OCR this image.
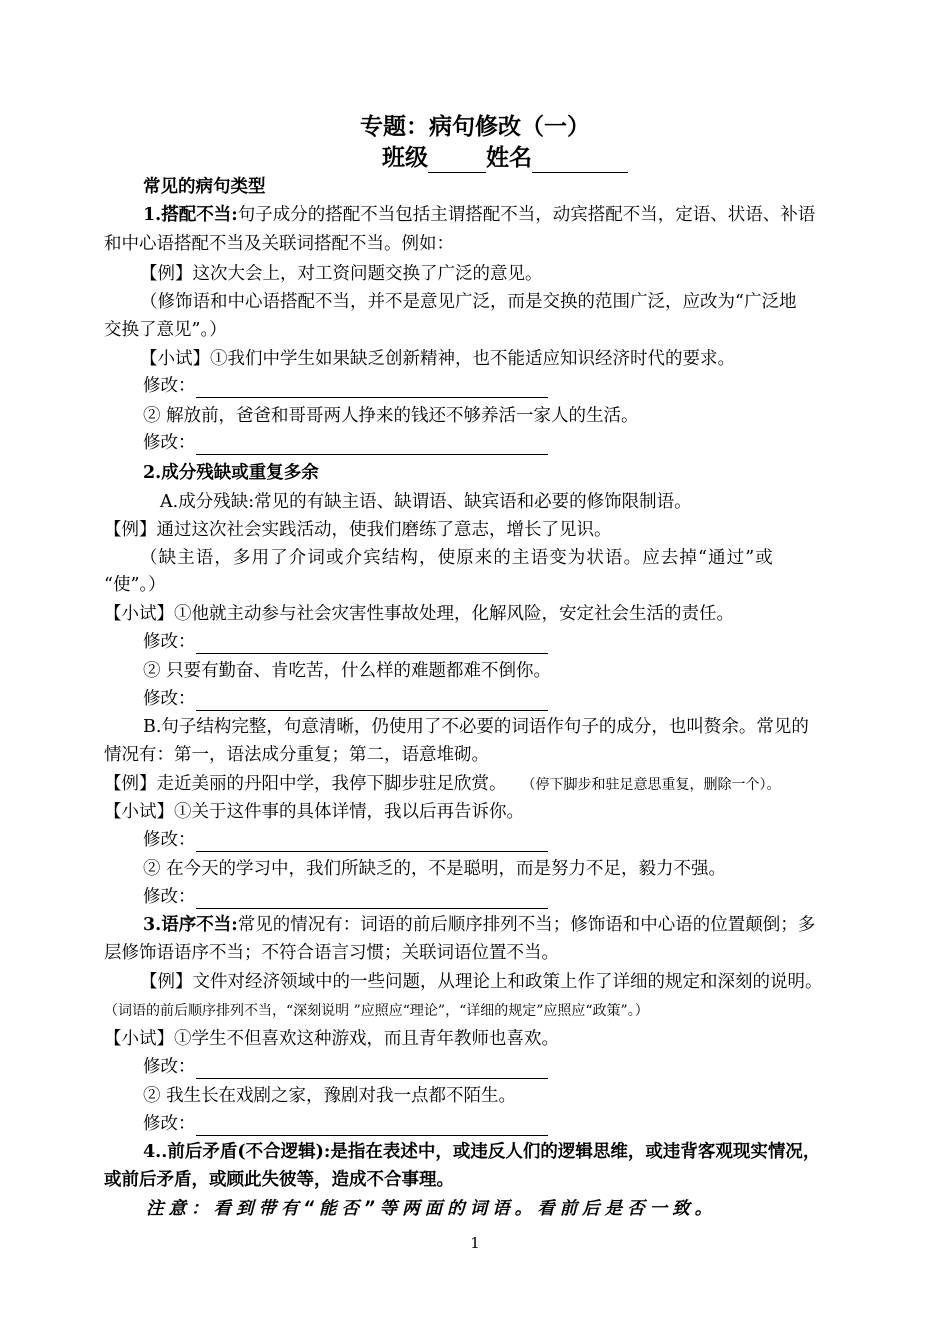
专题：病句修改（一）
班级	姓名
常见的病句类型
1.搭配不当:句子成分的搭配不当包括主谓搭配不当，动宾搭配不当，定语、状语、补语
和中心语搭配不当及关联词搭配不当。例如：
【例】这次大会上，对工资问题交换了广泛的意见。
（修饰语和中心语搭配不当，并不是意见广泛，而是交换的范围广泛，应改为“广泛地
交换了意见”。）
【小试】①我们中学生如果缺乏创新精神，也不能适应知识经济时代的要求。
修改：
② 解放前，爸爸和哥哥两人挣来的钱还不够养活一家人的生活。
修改：
2.成分残缺或重复多余
A.成分残缺:常见的有缺主语、缺谓语、缺宾语和必要的修饰限制语。
【例】通过这次社会实践活动，使我们磨练了意志，增长了见识。
（缺主语，多用了介词或介宾结构，使原来的主语变为状语。应去掉“通过”或
“使”。）
【小试】①他就主动参与社会灾害性事故处理，化解风险，安定社会生活的责任。
修改：
② 只要有勤奋、肯吃苦，什么样的难题都难不倒你。
修改：
B.句子结构完整，句意清晰，仍使用了不必要的词语作句子的成分，也叫赘余。常见的
情况有：第一，语法成分重复；第二，语意堆砌。
【例】走近美丽的丹阳中学，我停下脚步驻足欣赏。 （停下脚步和驻足意思重复，删除一个）。
【小试】①关于这件事的具体详情，我以后再告诉你。
修改：
② 在今天的学习中，我们所缺乏的，不是聪明，而是努力不足，毅力不强。
修改：
3.语序不当:常见的情况有：词语的前后顺序排列不当；修饰语和中心语的位置颠倒；多
层修饰语语序不当；不符合语言习惯；关联词语位置不当。
【例】文件对经济领域中的一些问题，从理论上和政策上作了详细的规定和深刻的说明。
（词语的前后顺序排列不当，“深刻说明 ”应照应“理论”，“详细的规定”应照应“政策”。）
【小试】①学生不但喜欢这种游戏，而且青年教师也喜欢。
修改：
② 我生长在戏剧之家，豫剧对我一点都不陌生。
修改：
4..前后矛盾(不合逻辑):是指在表述中，或违反人们的逻辑思维，或违背客观现实情况，
或前后矛盾，或顾此失彼等，造成不合事理。
注意：看到带有“能否”等两面的词语。看前后是否一致。
1
